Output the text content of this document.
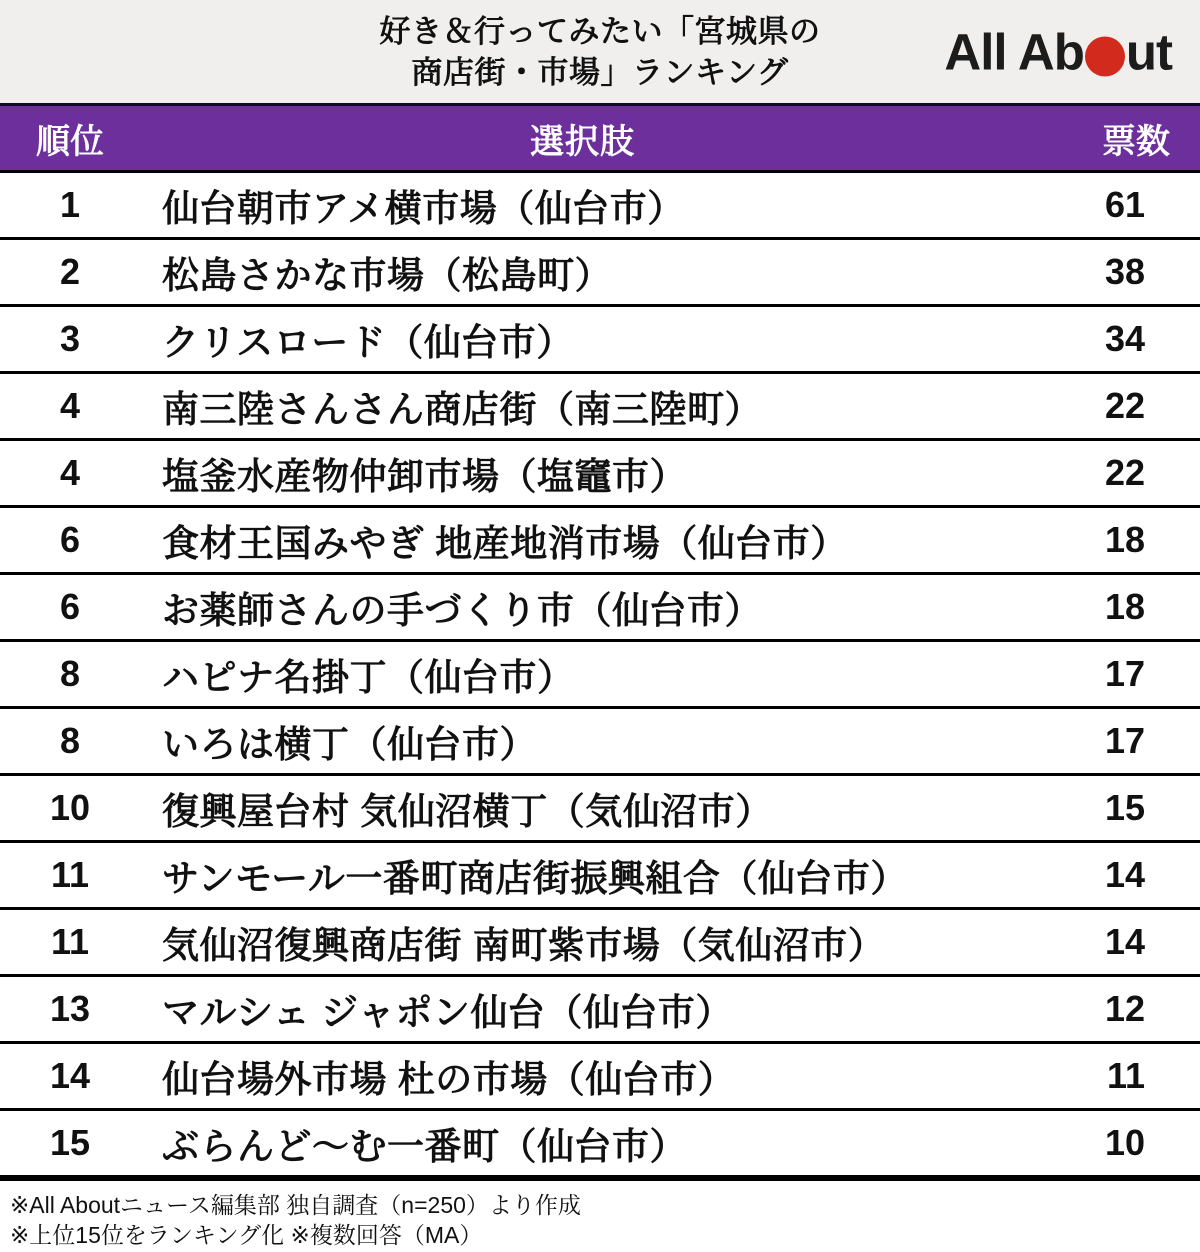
好き＆行ってみたい「宮城県の
商店街・市場」ランキング	All Ab ut
順位	選択肢	票数
1	仙台朝市アメ横市場（仙台市）	61
2	松島さかな市場（松島町）	38
3	クリスロード（仙台市）	34
4	南三陸さんさん商店街（南三陸町）	22
4	塩釜水産物仲卸市場（塩竈市）	22
6	食材王国みやぎ 地産地消市場（仙台市）	18
6	お薬師さんの手づくり市（仙台市）	18
8	ハピナ名掛丁（仙台市）	17
8	いろは横丁（仙台市）	17
10	復興屋台村 気仙沼横丁（気仙沼市）	15
11	サンモール一番町商店街振興組合（仙台市）	14
11	気仙沼復興商店街 南町紫市場（気仙沼市）	14
13	マルシェ ジャポン仙台（仙台市）	12
14	仙台場外市場 杜の市場（仙台市）	11
15	ぶらんど〜む一番町（仙台市）	10
※All Aboutニュース編集部 独自調査（n=250）より作成
※上位15位をランキング化 ※複数回答（MA）
